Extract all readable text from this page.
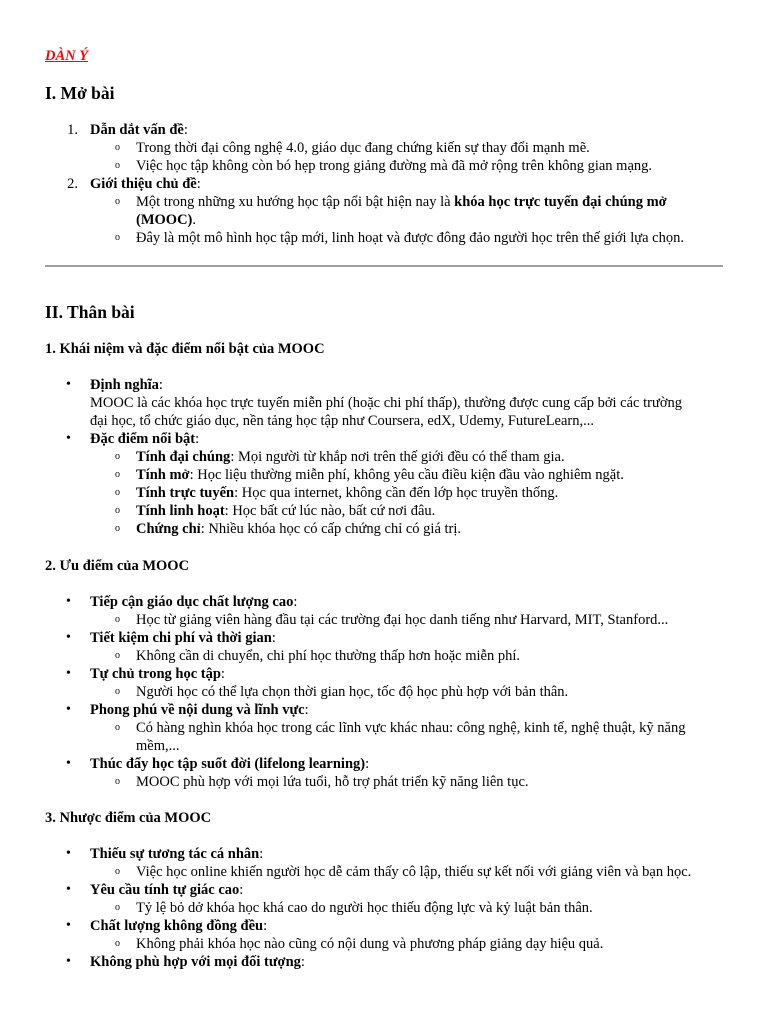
DÀN Ý
I. Mở bài
1. Dẫn dắt vấn đề:
o Trong thời đại công nghệ 4.0, giáo dục đang chứng kiến sự thay đổi mạnh mẽ.
o Việc học tập không còn bó hẹp trong giảng đường mà đã mở rộng trên không gian mạng.
2. Giới thiệu chủ đề:
o Một trong những xu hướng học tập nổi bật hiện nay là khóa học trực tuyến đại chúng mở
(MOOC).
o Đây là một mô hình học tập mới, linh hoạt và được đông đảo người học trên thế giới lựa chọn.
II. Thân bài
1. Khái niệm và đặc điểm nổi bật của MOOC
• Định nghĩa:
MOOC là các khóa học trực tuyến miễn phí (hoặc chi phí thấp), thường được cung cấp bởi các trường
đại học, tổ chức giáo dục, nền tảng học tập như Coursera, edX, Udemy, FutureLearn,...
• Đặc điểm nổi bật:
o Tính đại chúng: Mọi người từ khắp nơi trên thế giới đều có thể tham gia.
o Tính mở: Học liệu thường miễn phí, không yêu cầu điều kiện đầu vào nghiêm ngặt.
o Tính trực tuyến: Học qua internet, không cần đến lớp học truyền thống.
o Tính linh hoạt: Học bất cứ lúc nào, bất cứ nơi đâu.
o Chứng chỉ: Nhiều khóa học có cấp chứng chỉ có giá trị.
2. Ưu điểm của MOOC
• Tiếp cận giáo dục chất lượng cao:
o Học từ giảng viên hàng đầu tại các trường đại học danh tiếng như Harvard, MIT, Stanford...
• Tiết kiệm chi phí và thời gian:
o Không cần di chuyển, chi phí học thường thấp hơn hoặc miễn phí.
• Tự chủ trong học tập:
o Người học có thể lựa chọn thời gian học, tốc độ học phù hợp với bản thân.
• Phong phú về nội dung và lĩnh vực:
o Có hàng nghìn khóa học trong các lĩnh vực khác nhau: công nghệ, kinh tế, nghệ thuật, kỹ năng
mềm,...
• Thúc đẩy học tập suốt đời (lifelong learning):
o MOOC phù hợp với mọi lứa tuổi, hỗ trợ phát triển kỹ năng liên tục.
3. Nhược điểm của MOOC
• Thiếu sự tương tác cá nhân:
o Việc học online khiến người học dễ cảm thấy cô lập, thiếu sự kết nối với giảng viên và bạn học.
• Yêu cầu tính tự giác cao:
o Tỷ lệ bỏ dở khóa học khá cao do người học thiếu động lực và kỷ luật bản thân.
• Chất lượng không đồng đều:
o Không phải khóa học nào cũng có nội dung và phương pháp giảng dạy hiệu quả.
• Không phù hợp với mọi đối tượng:
